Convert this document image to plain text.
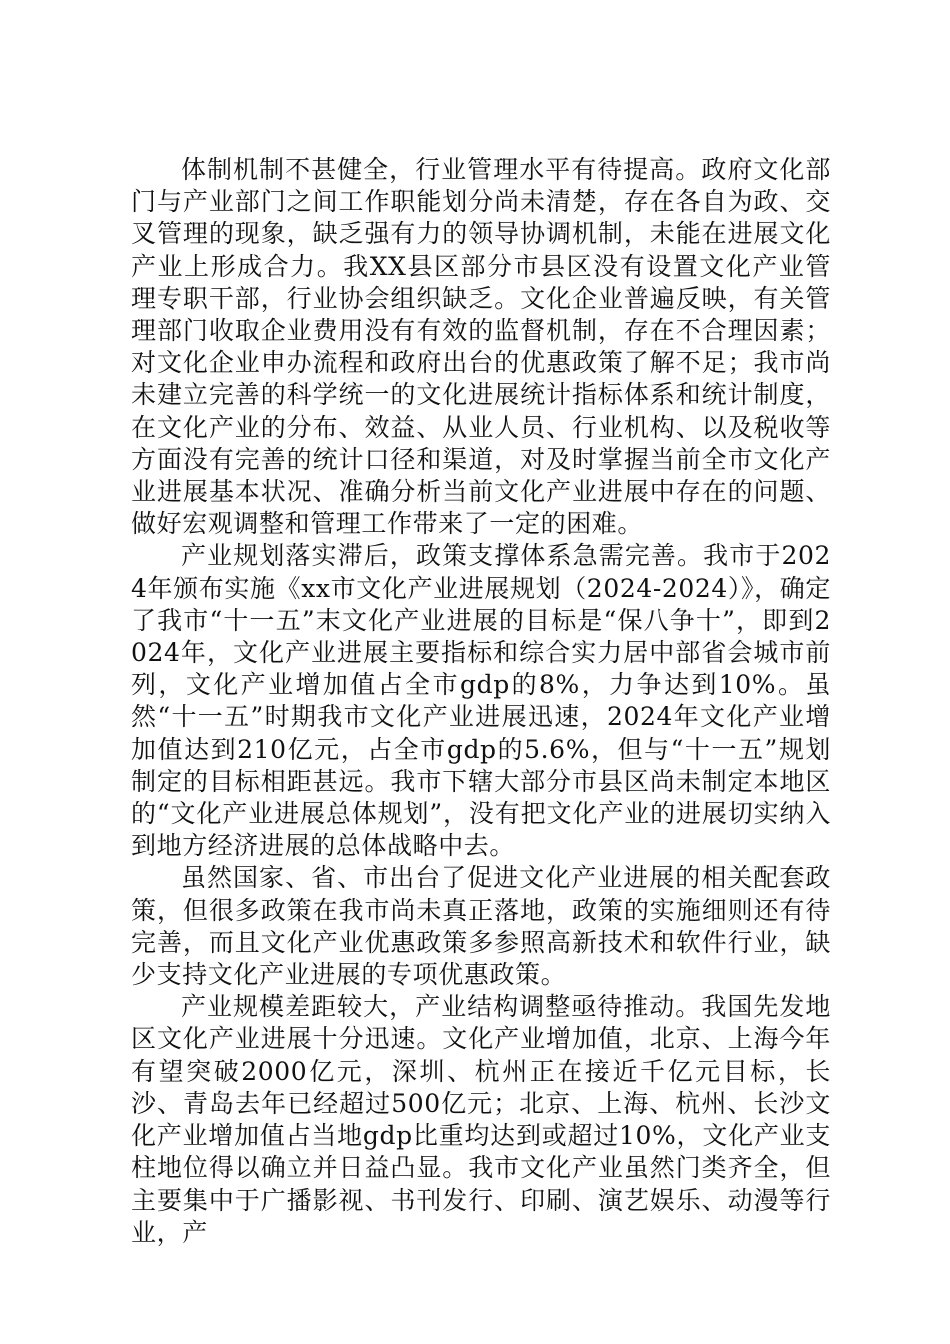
体制机制不甚健全，行业管理水平有待提高。政府文化部门与产业部门之间工作职能划分尚未清楚，存在各自为政、交叉管理的现象，缺乏强有力的领导协调机制，未能在进展文化产业上形成合力。我XX县区部分市县区没有设置文化产业管理专职干部，行业协会组织缺乏。文化企业普遍反映，有关管理部门收取企业费用没有有效的监督机制，存在不合理因素；对文化企业申办流程和政府出台的优惠政策了解不足；我市尚未建立完善的科学统一的文化进展统计指标体系和统计制度，在文化产业的分布、效益、从业人员、行业机构、以及税收等方面没有完善的统计口径和渠道，对及时掌握当前全市文化产业进展基本状况、准确分析当前文化产业进展中存在的问题、做好宏观调整和管理工作带来了一定的困难。

产业规划落实滞后，政策支撑体系急需完善。我市于2024年颁布实施《xx市文化产业进展规划（2024-2024）》，确定了我市“十一五”末文化产业进展的目标是“保八争十”，即到2024年，文化产业进展主要指标和综合实力居中部省会城市前列，文化产业增加值占全市gdp的8%，力争达到10%。虽然“十一五”时期我市文化产业进展迅速，2024年文化产业增加值达到210亿元，占全市gdp的5.6%，但与“十一五”规划制定的目标相距甚远。我市下辖大部分市县区尚未制定本地区的“文化产业进展总体规划”，没有把文化产业的进展切实纳入到地方经济进展的总体战略中去。

虽然国家、省、市出台了促进文化产业进展的相关配套政策，但很多政策在我市尚未真正落地，政策的实施细则还有待完善，而且文化产业优惠政策多参照高新技术和软件行业，缺少支持文化产业进展的专项优惠政策。

产业规模差距较大，产业结构调整亟待推动。我国先发地区文化产业进展十分迅速。文化产业增加值，北京、上海今年有望突破2000亿元，深圳、杭州正在接近千亿元目标，长沙、青岛去年已经超过500亿元；北京、上海、杭州、长沙文化产业增加值占当地gdp比重均达到或超过10%，文化产业支柱地位得以确立并日益凸显。我市文化产业虽然门类齐全，但主要集中于广播影视、书刊发行、印刷、演艺娱乐、动漫等行业，产
